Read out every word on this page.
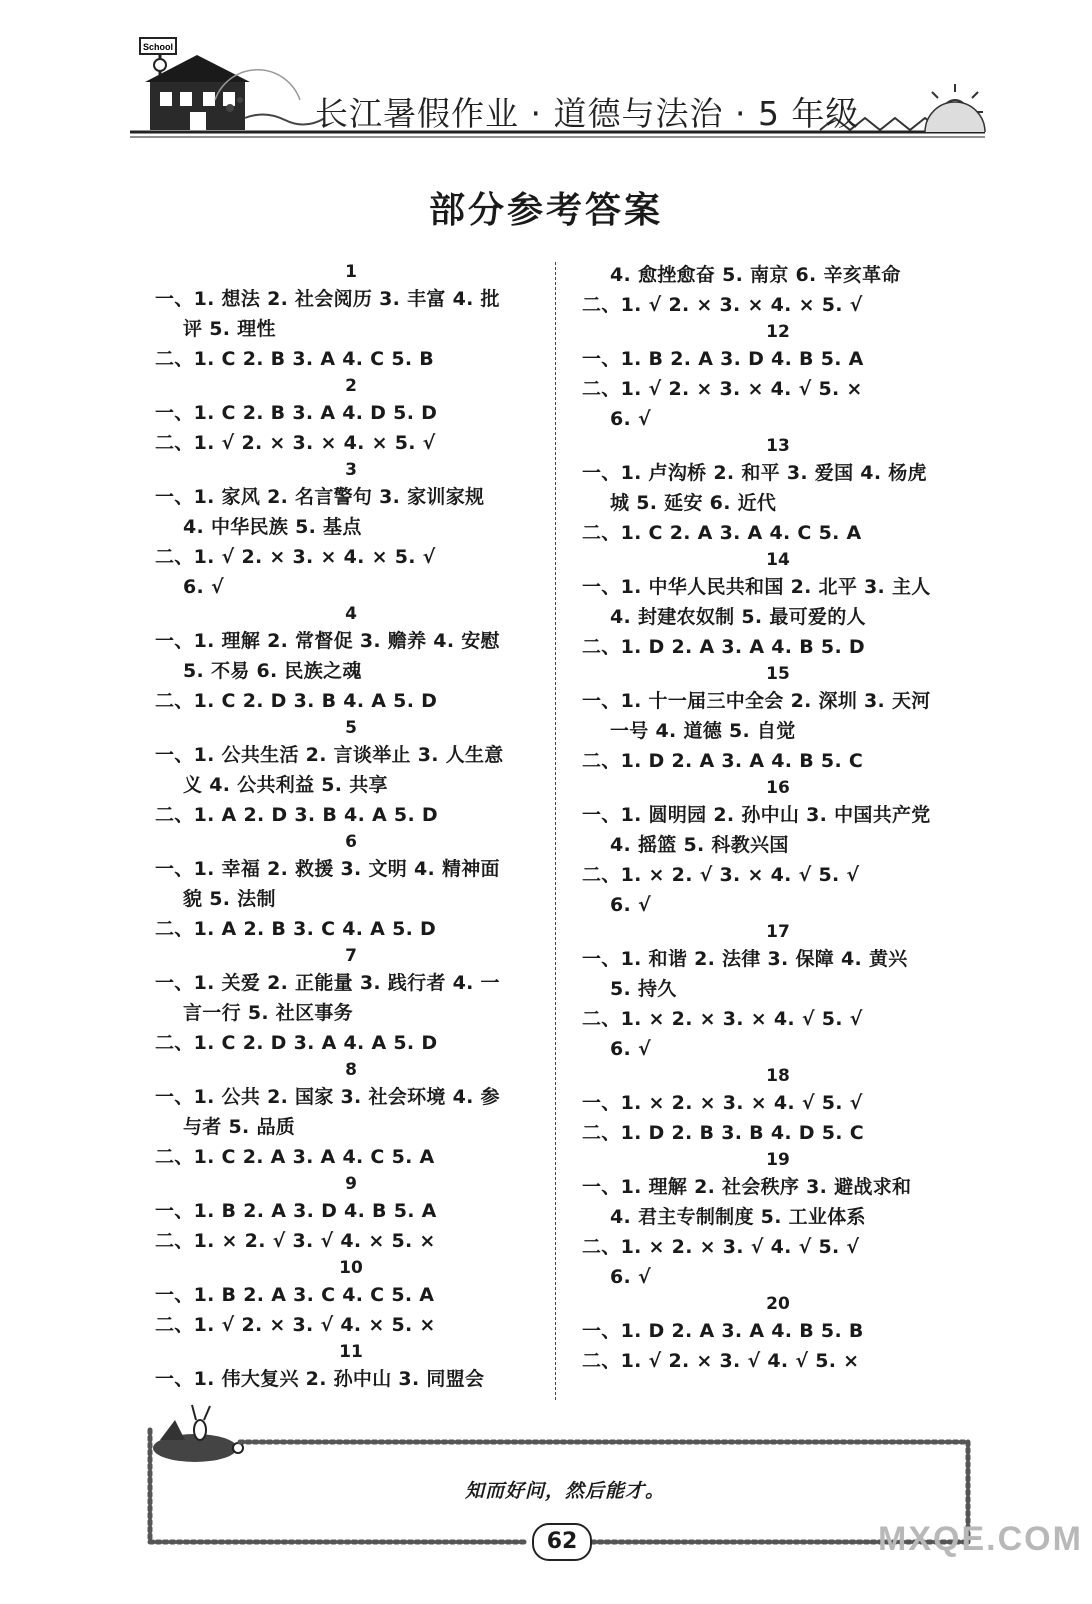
School
长江暑假作业 · 道德与法治 · 5 年级
部分参考答案
1
一、1. 想法 2. 社会阅历 3. 丰富 4. 批
评 5. 理性
二、1. C 2. B 3. A 4. C 5. B
2
一、1. C 2. B 3. A 4. D 5. D
二、1. √ 2. × 3. × 4. × 5. √
3
一、1. 家风 2. 名言警句 3. 家训家规
4. 中华民族 5. 基点
二、1. √ 2. × 3. × 4. × 5. √
6. √
4
一、1. 理解 2. 常督促 3. 赡养 4. 安慰
5. 不易 6. 民族之魂
二、1. C 2. D 3. B 4. A 5. D
5
一、1. 公共生活 2. 言谈举止 3. 人生意
义 4. 公共利益 5. 共享
二、1. A 2. D 3. B 4. A 5. D
6
一、1. 幸福 2. 救援 3. 文明 4. 精神面
貌 5. 法制
二、1. A 2. B 3. C 4. A 5. D
7
一、1. 关爱 2. 正能量 3. 践行者 4. 一
言一行 5. 社区事务
二、1. C 2. D 3. A 4. A 5. D
8
一、1. 公共 2. 国家 3. 社会环境 4. 参
与者 5. 品质
二、1. C 2. A 3. A 4. C 5. A
9
一、1. B 2. A 3. D 4. B 5. A
二、1. × 2. √ 3. √ 4. × 5. ×
10
一、1. B 2. A 3. C 4. C 5. A
二、1. √ 2. × 3. √ 4. × 5. ×
11
一、1. 伟大复兴 2. 孙中山 3. 同盟会
4. 愈挫愈奋 5. 南京 6. 辛亥革命
二、1. √ 2. × 3. × 4. × 5. √
12
一、1. B 2. A 3. D 4. B 5. A
二、1. √ 2. × 3. × 4. √ 5. ×
6. √
13
一、1. 卢沟桥 2. 和平 3. 爱国 4. 杨虎
城 5. 延安 6. 近代
二、1. C 2. A 3. A 4. C 5. A
14
一、1. 中华人民共和国 2. 北平 3. 主人
4. 封建农奴制 5. 最可爱的人
二、1. D 2. A 3. A 4. B 5. D
15
一、1. 十一届三中全会 2. 深圳 3. 天河
一号 4. 道德 5. 自觉
二、1. D 2. A 3. A 4. B 5. C
16
一、1. 圆明园 2. 孙中山 3. 中国共产党
4. 摇篮 5. 科教兴国
二、1. × 2. √ 3. × 4. √ 5. √
6. √
17
一、1. 和谐 2. 法律 3. 保障 4. 黄兴
5. 持久
二、1. × 2. × 3. × 4. √ 5. √
6. √
18
一、1. × 2. × 3. × 4. √ 5. √
二、1. D 2. B 3. B 4. D 5. C
19
一、1. 理解 2. 社会秩序 3. 避战求和
4. 君主专制制度 5. 工业体系
二、1. × 2. × 3. √ 4. √ 5. √
6. √
20
一、1. D 2. A 3. A 4. B 5. B
二、1. √ 2. × 3. √ 4. √ 5. ×
知而好问，然后能才。
62	MXQE.COM
